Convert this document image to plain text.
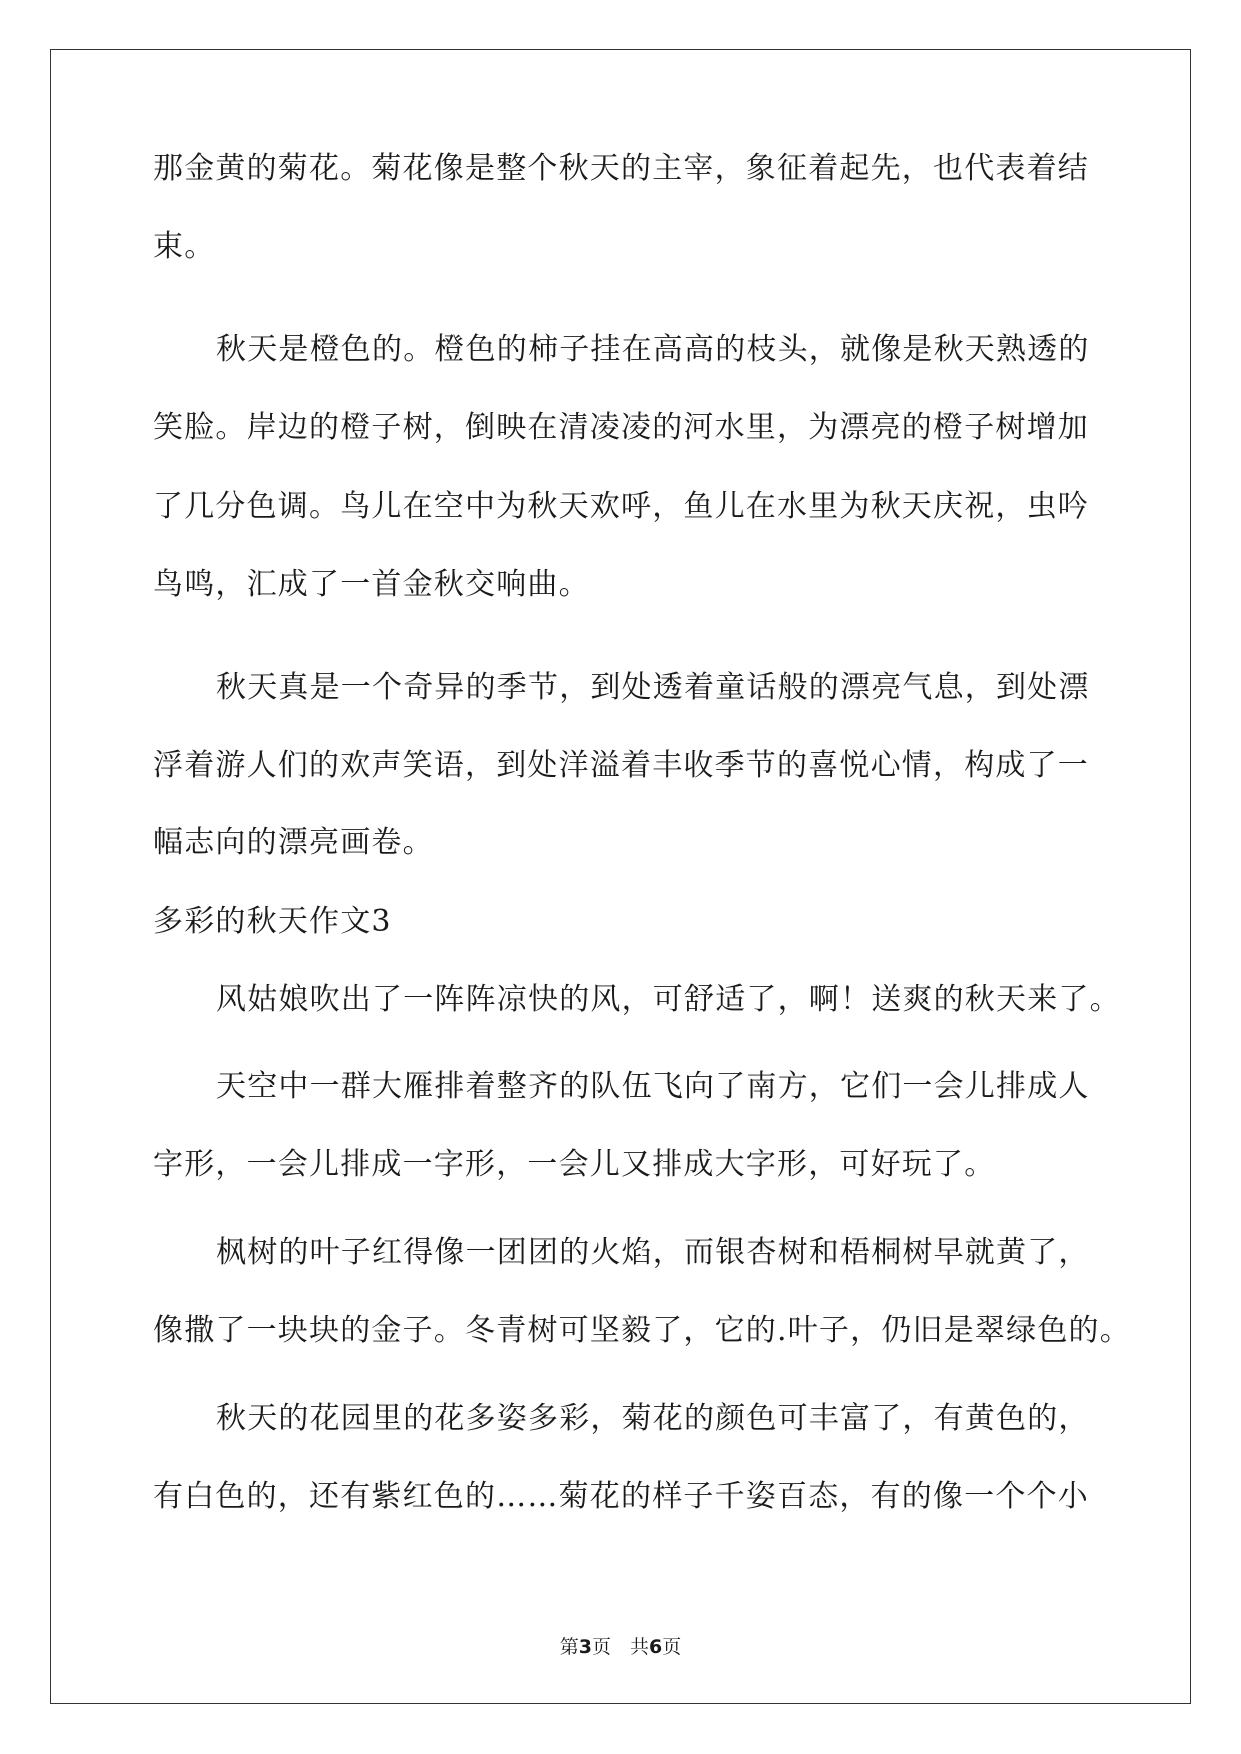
那金黄的菊花。菊花像是整个秋天的主宰，象征着起先，也代表着结
束。
秋天是橙色的。橙色的柿子挂在高高的枝头，就像是秋天熟透的
笑脸。岸边的橙子树，倒映在清凌凌的河水里，为漂亮的橙子树增加
了几分色调。鸟儿在空中为秋天欢呼，鱼儿在水里为秋天庆祝，虫吟
鸟鸣，汇成了一首金秋交响曲。
秋天真是一个奇异的季节，到处透着童话般的漂亮气息，到处漂
浮着游人们的欢声笑语，到处洋溢着丰收季节的喜悦心情，构成了一
幅志向的漂亮画卷。
多彩的秋天作文3
风姑娘吹出了一阵阵凉快的风，可舒适了，啊！送爽的秋天来了。
天空中一群大雁排着整齐的队伍飞向了南方，它们一会儿排成人
字形，一会儿排成一字形，一会儿又排成大字形，可好玩了。
枫树的叶子红得像一团团的火焰，而银杏树和梧桐树早就黄了，
像撒了一块块的金子。冬青树可坚毅了，它的.叶子，仍旧是翠绿色的。
秋天的花园里的花多姿多彩，菊花的颜色可丰富了，有黄色的，
有白色的，还有紫红色的……菊花的样子千姿百态，有的像一个个小
第3页　共6页
